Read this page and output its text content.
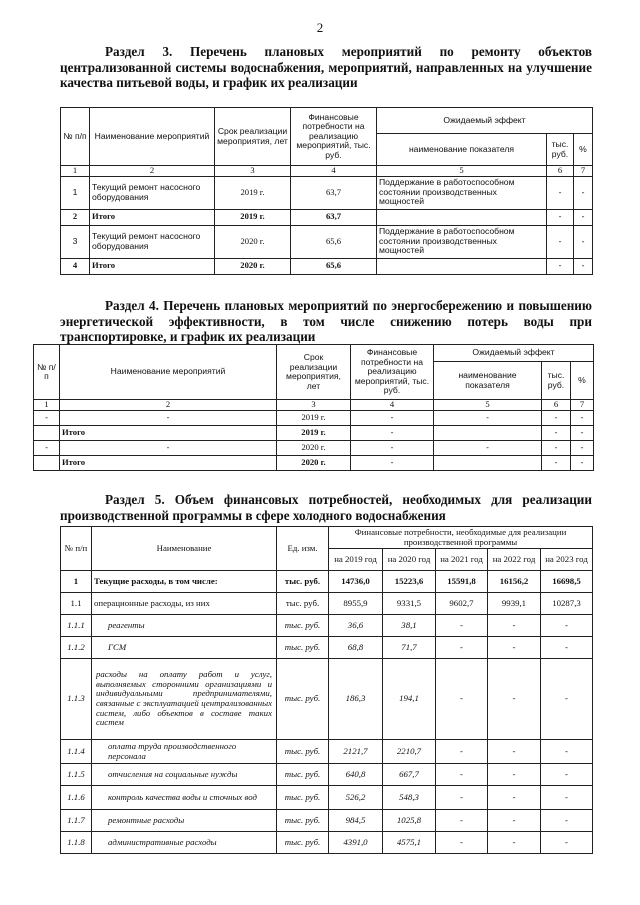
2
Раздел 3. Перечень плановых мероприятий по ремонту объектов централизованной системы водоснабжения, мероприятий, направленных на улучшение качества питьевой воды, и график их реализации
№ п/п	Наименование мероприятий	Срок реализации мероприятия, лет	Финансовые потребности на реализацию мероприятий, тыс. руб.	Ожидаемый эффект		
				наименование показателя	тыс. руб.	%
1	2	3	4	5	6	7
1	Текущий ремонт насосного оборудования	2019 г.	63,7	Поддержание в работоспособном состоянии производственных мощностей	-	-
2	Итого	2019 г.	63,7		-	-
3	Текущий ремонт насосного оборудования	2020 г.	65,6	Поддержание в работоспособном состоянии производственных мощностей	-	-
4	Итого	2020 г.	65,6		-	-
Раздел 4. Перечень плановых мероприятий по энергосбережению и повышению энергетической эффективности, в том числе снижению потерь воды при транспортировке, и график их реализации
№ п/п	Наименование мероприятий	Срок реализации мероприятия, лет	Финансовые потребности на реализацию мероприятий, тыс. руб.	Ожидаемый эффект		
				наименование показателя	тыс. руб.	%
1	2	3	4	5	6	7
-	-	2019 г.	-	-	-	-
	Итого	2019 г.	-		-	-
-	-	2020 г.	-	-	-	-
	Итого	2020 г.	-		-	-
Раздел 5. Объем финансовых потребностей, необходимых для реализации производственной программы в сфере холодного водоснабжения
№ п/п	Наименование	Ед. изм.	Финансовые потребности, необходимые для реализации производственной программы				
			на 2019 год	на 2020 год	на 2021 год	на 2022 год	на 2023 год
1	Текущие расходы, в том числе:	тыс. руб.	14736,0	15223,6	15591,8	16156,2	16698,5
1.1	операционные расходы, из них	тыс. руб.	8955,9	9331,5	9602,7	9939,1	10287,3
1.1.1	реагенты	тыс. руб.	36,6	38,1	-	-	-
1.1.2	ГСМ	тыс. руб.	68,8	71,7	-	-	-
1.1.3	расходы на оплату работ и услуг, выполняемых сторонними организациями и индивидуальными предпринимателями, связанные с эксплуатацией централизованных систем, либо объектов в составе таких систем	тыс. руб.	186,3	194,1	-	-	-
1.1.4	оплата труда производственного персонала	тыс. руб.	2121,7	2210,7	-	-	-
1.1.5	отчисления на социальные нужды	тыс. руб.	640,8	667,7	-	-	-
1.1.6	контроль качества воды и сточных вод	тыс. руб.	526,2	548,3	-	-	-
1.1.7	ремонтные расходы	тыс. руб.	984,5	1025,8	-	-	-
1.1.8	административные расходы	тыс. руб.	4391,0	4575,1	-	-	-
